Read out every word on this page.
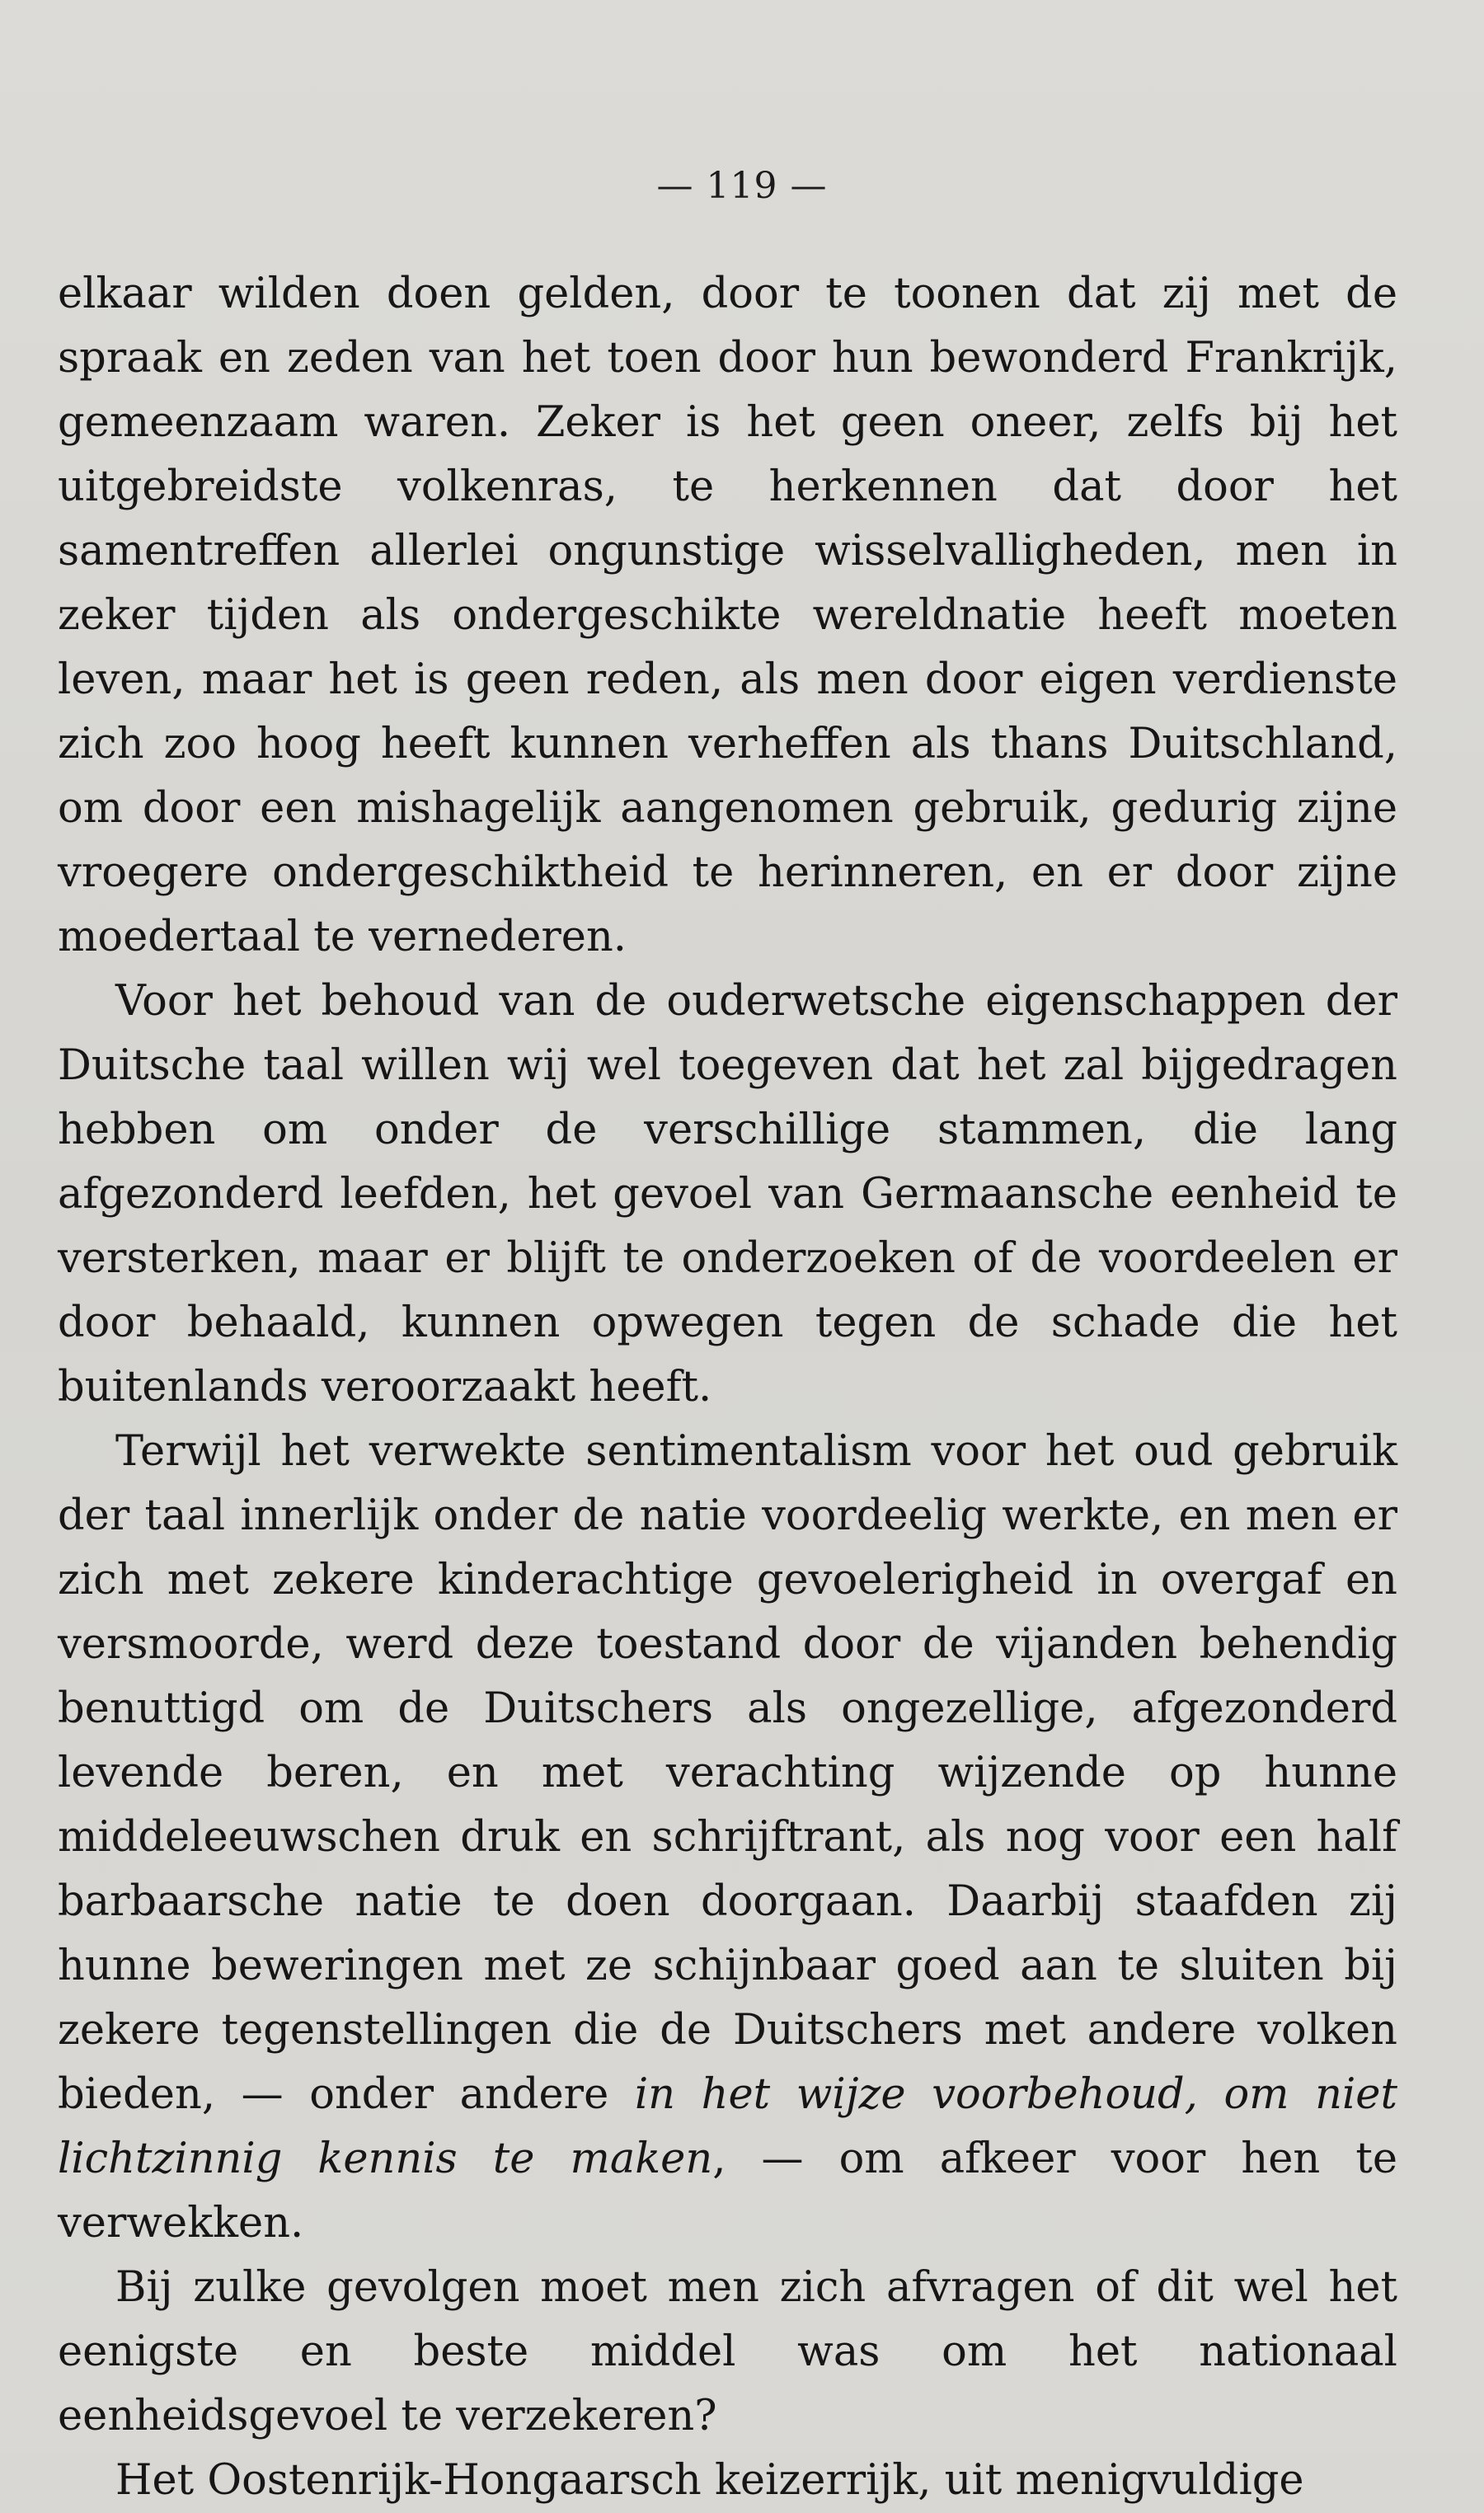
— 119 —

elkaar wilden doen gelden, door te toonen dat zij met de spraak en zeden van het toen door hun bewonderd Frankrijk, gemeenzaam waren. Zeker is het geen oneer, zelfs bij het uitgebreidste volkenras, te herkennen dat door het samentreffen allerlei ongunstige wisselvalligheden, men in zeker tijden als ondergeschikte wereldnatie heeft moeten leven, maar het is geen reden, als men door eigen verdienste zich zoo hoog heeft kunnen verheffen als thans Duitschland, om door een mishagelijk aangenomen gebruik, gedurig zijne vroegere ondergeschiktheid te herinneren, en er door zijne moedertaal te vernederen.

Voor het behoud van de ouderwetsche eigenschappen der Duitsche taal willen wij wel toegeven dat het zal bijgedragen hebben om onder de verschillige stammen, die lang afgezonderd leefden, het gevoel van Germaansche eenheid te versterken, maar er blijft te onderzoeken of de voordeelen er door behaald, kunnen opwegen tegen de schade die het buitenlands veroorzaakt heeft.

Terwijl het verwekte sentimentalism voor het oud gebruik der taal innerlijk onder de natie voordeelig werkte, en men er zich met zekere kinderachtige gevoelerigheid in overgaf en versmoorde, werd deze toestand door de vijanden behendig benuttigd om de Duitschers als ongezellige, afgezonderd levende beren, en met verachting wijzende op hunne middeleeuwschen druk en schrijftrant, als nog voor een half barbaarsche natie te doen doorgaan. Daarbij staafden zij hunne beweringen met ze schijnbaar goed aan te sluiten bij zekere tegenstellingen die de Duitschers met andere volken bieden, — onder andere in het wijze voorbehoud, om niet lichtzinnig kennis te maken, — om afkeer voor hen te verwekken.

Bij zulke gevolgen moet men zich afvragen of dit wel het eenigste en beste middel was om het nationaal eenheidsgevoel te verzekeren?

Het Oostenrijk-Hongaarsch keizerrijk, uit menigvuldige
